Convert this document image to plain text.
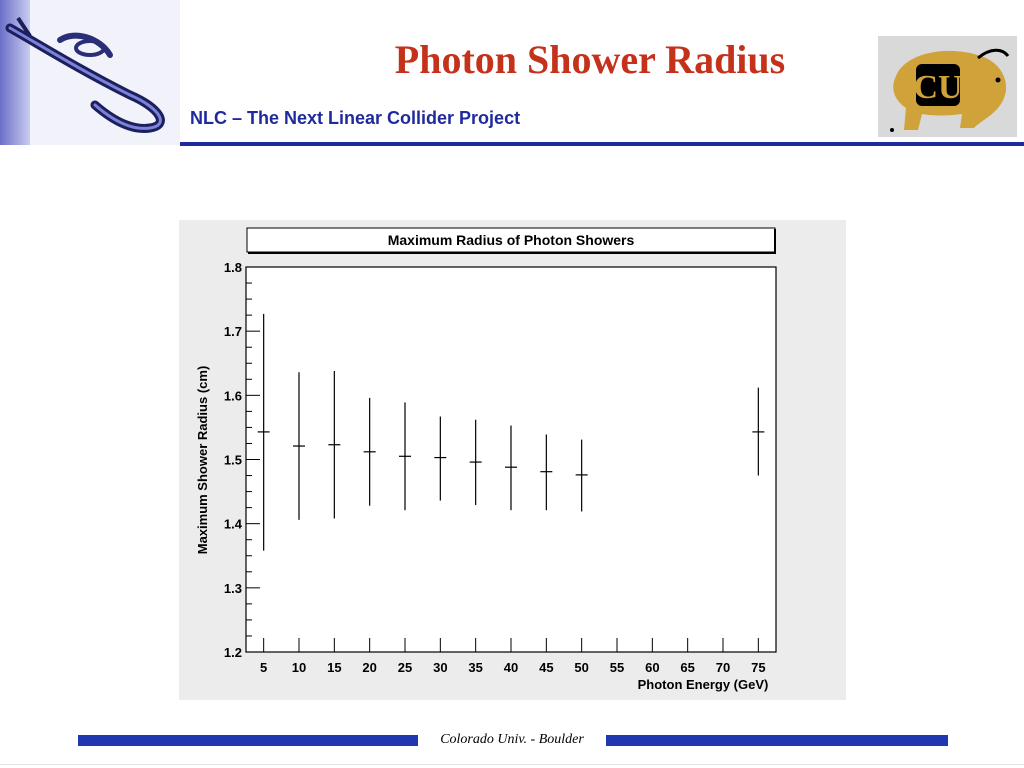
Photon Shower Radius
NLC – The Next Linear Collider Project
CU
Maximum Radius of Photon Showers
1.2
1.3
1.4
1.5
1.6
1.7
1.8
5 10 15 20 25 30 35 40 45 50 55 60 65 70 75
Photon Energy (GeV)
Maximum Shower Radius (cm)
Colorado Univ. - Boulder
